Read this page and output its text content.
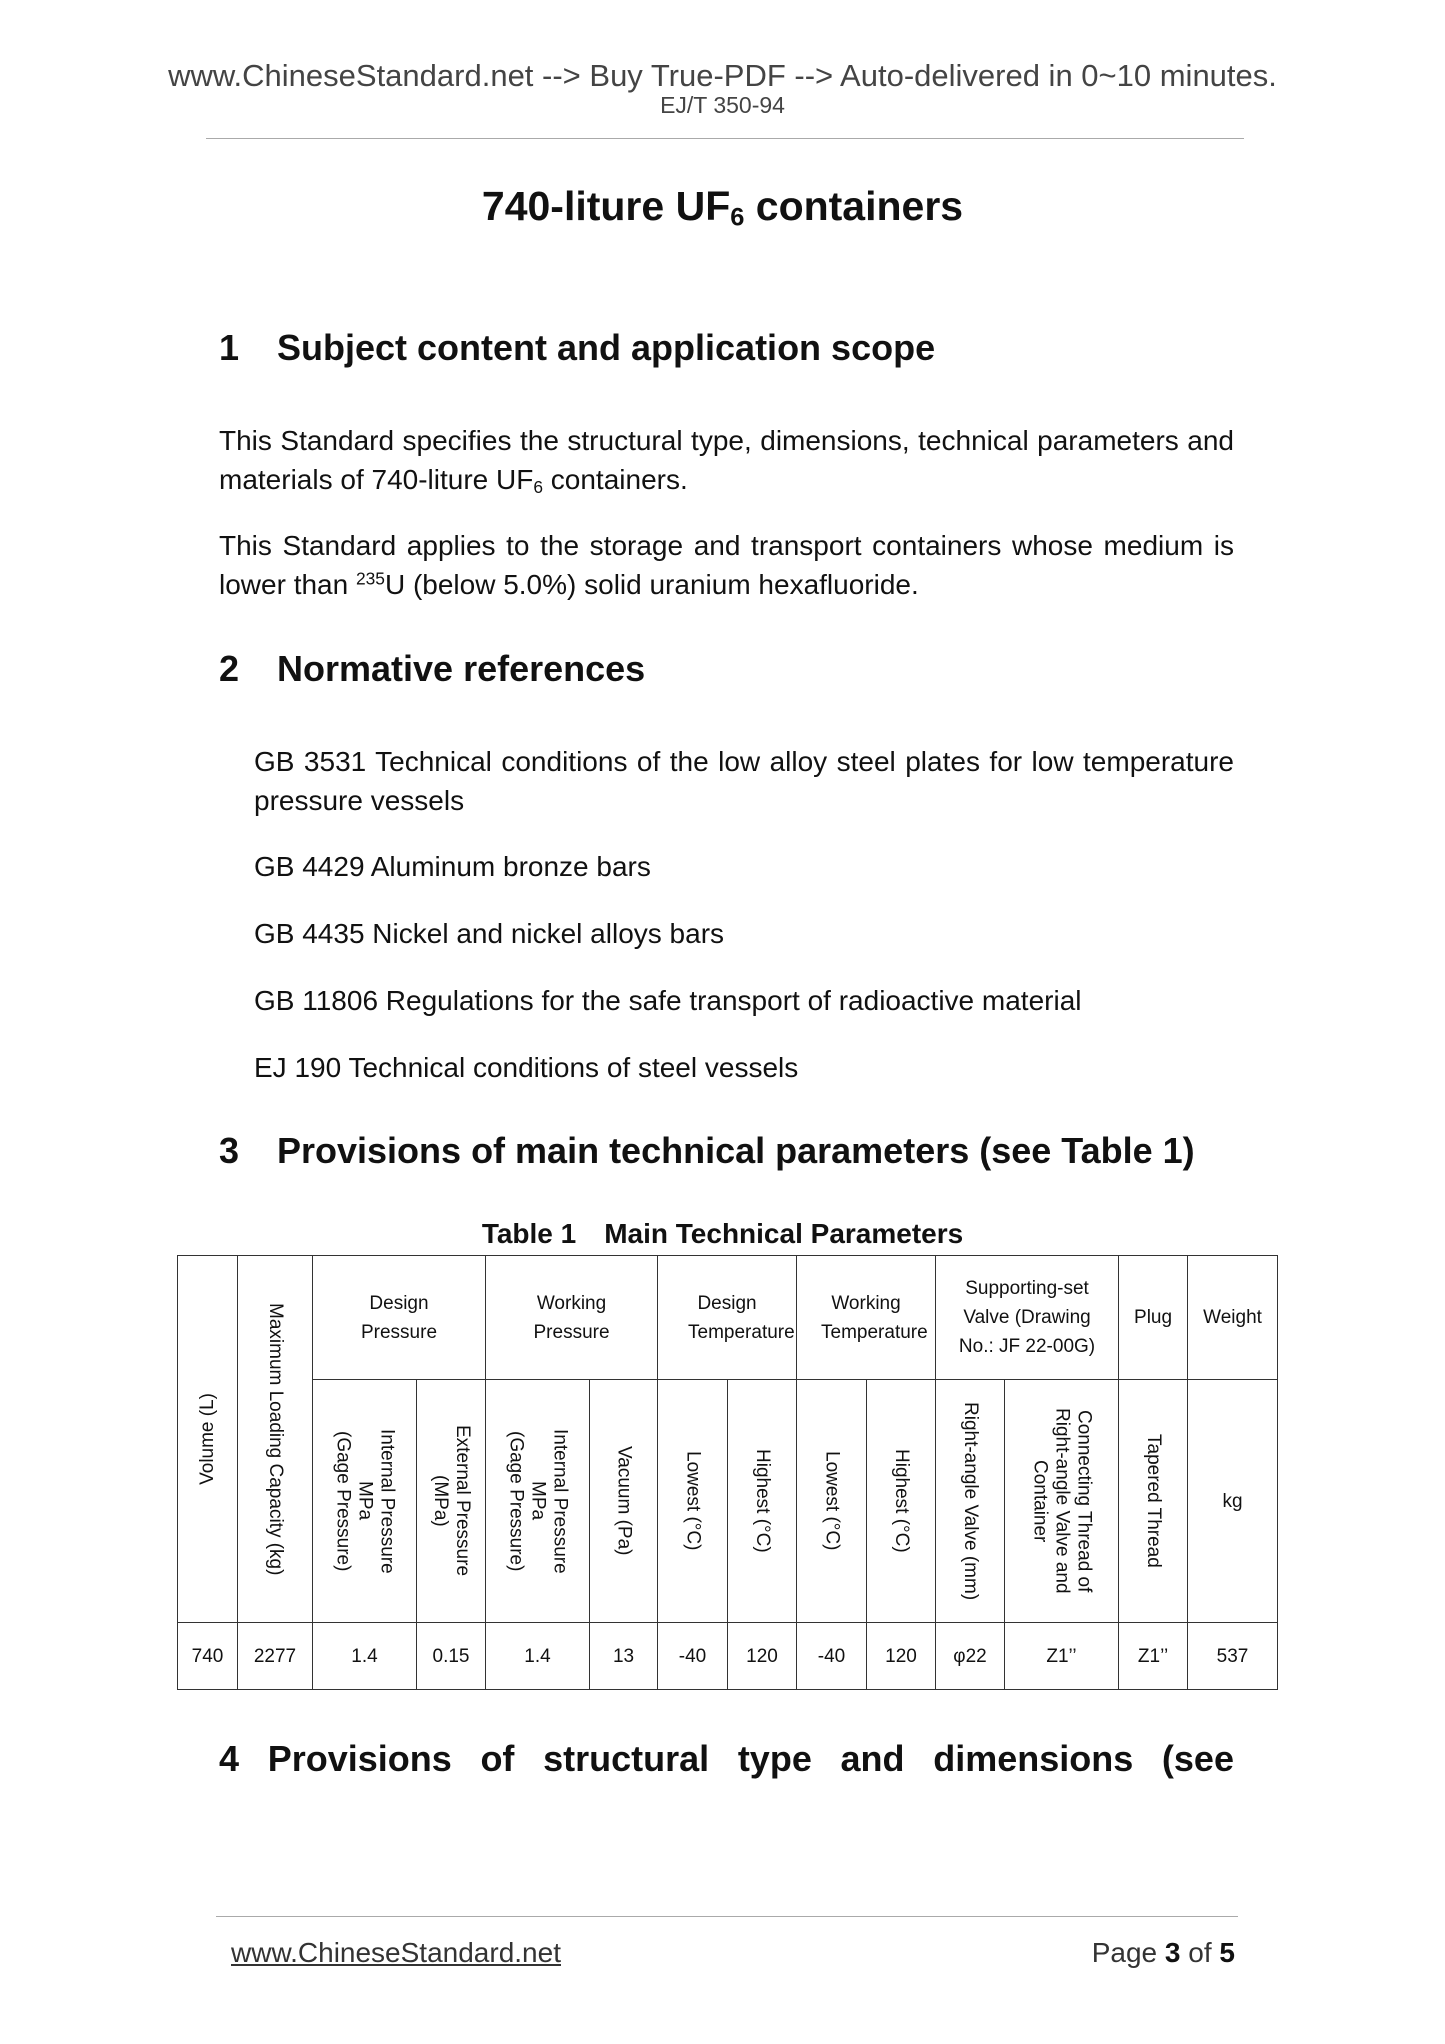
www.ChineseStandard.net --> Buy True-PDF --> Auto-delivered in 0~10 minutes.
EJ/T 350-94
740-liture $UF_6$ containers
1 Subject content and application scope
This Standard specifies the structural type, dimensions, technical parameters and materials of 740-liture $UF_6$ containers.
This Standard applies to the storage and transport containers whose medium is lower than $^{235}$U (below 5.0%) solid uranium hexafluoride.
2 Normative references
GB 3531 Technical conditions of the low alloy steel plates for low temperature pressure vessels
GB 4429 Aluminum bronze bars
GB 4435 Nickel and nickel alloys bars
GB 11806 Regulations for the safe transport of radioactive material
EJ 190 Technical conditions of steel vessels
3 Provisions of main technical parameters (see Table 1)
Table 1 Main Technical Parameters
Volume (L)	Maximum Loading Capacity (kg)	Design Pressure		Working Pressure		Design Temperature		Working Temperature		Supporting-set Valve (Drawing No.: JF 22-00G)		Plug	Weight

		Internal Pressure
MPa
(Gage Pressure)	External Pressure
(MPa)	Internal Pressure
MPa
(Gage Pressure)	Vacuum (Pa)	Lowest (°C)	Highest (°C)	Lowest (°C)	Highest (°C)	Right-angle Valve (mm)	Connecting Thread of
Right-angle Valve and
Container	Tapered Thread	kg

740	2277	1.4	0.15	1.4	13	-40	120	-40	120	φ22	Z1’’	Z1’’	537
4 Provisions of structural type and dimensions (see
www.ChineseStandard.net	Page 3 of 5
